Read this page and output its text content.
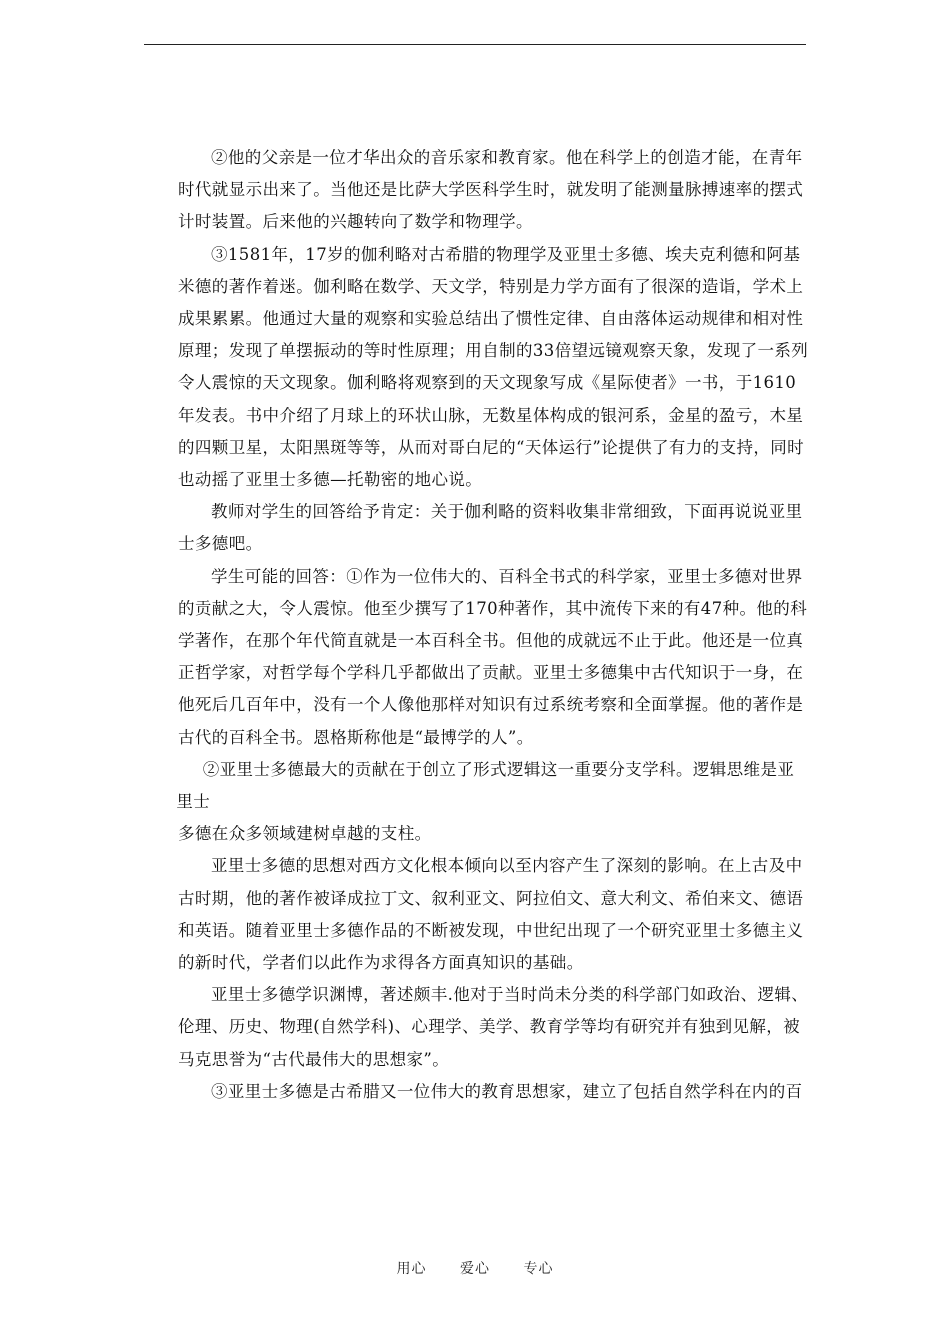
②他的父亲是一位才华出众的音乐家和教育家。他在科学上的创造才能，在青年时代就显示出来了。当他还是比萨大学医科学生时，就发明了能测量脉搏速率的摆式计时装置。后来他的兴趣转向了数学和物理学。

③1581年，17岁的伽利略对古希腊的物理学及亚里士多德、埃夫克利德和阿基米德的著作着迷。伽利略在数学、天文学，特别是力学方面有了很深的造诣，学术上成果累累。他通过大量的观察和实验总结出了惯性定律、自由落体运动规律和相对性原理；发现了单摆振动的等时性原理；用自制的33倍望远镜观察天象，发现了一系列令人震惊的天文现象。伽利略将观察到的天文现象写成《星际使者》一书，于1610年发表。书中介绍了月球上的环状山脉，无数星体构成的银河系，金星的盈亏，木星的四颗卫星，太阳黑斑等等，从而对哥白尼的“天体运行”论提供了有力的支持，同时也动摇了亚里士多德—托勒密的地心说。

教师对学生的回答给予肯定：关于伽利略的资料收集非常细致，下面再说说亚里士多德吧。

学生可能的回答：①作为一位伟大的、百科全书式的科学家，亚里士多德对世界的贡献之大，令人震惊。他至少撰写了170种著作，其中流传下来的有47种。他的科学著作，在那个年代简直就是一本百科全书。但他的成就远不止于此。他还是一位真正哲学家，对哲学每个学科几乎都做出了贡献。亚里士多德集中古代知识于一身，在他死后几百年中，没有一个人像他那样对知识有过系统考察和全面掌握。他的著作是古代的百科全书。恩格斯称他是“最博学的人”。

②亚里士多德最大的贡献在于创立了形式逻辑这一重要分支学科。逻辑思维是亚里士

多德在众多领域建树卓越的支柱。

亚里士多德的思想对西方文化根本倾向以至内容产生了深刻的影响。在上古及中古时期，他的著作被译成拉丁文、叙利亚文、阿拉伯文、意大利文、希伯来文、德语和英语。随着亚里士多德作品的不断被发现，中世纪出现了一个研究亚里士多德主义的新时代，学者们以此作为求得各方面真知识的基础。

亚里士多德学识渊博，著述颇丰.他对于当时尚未分类的科学部门如政治、逻辑、伦理、历史、物理(自然学科)、心理学、美学、教育学等均有研究并有独到见解，被马克思誉为“古代最伟大的思想家”。

③亚里士多德是古希腊又一位伟大的教育思想家，建立了包括自然学科在内的百

用心 爱心 专心
